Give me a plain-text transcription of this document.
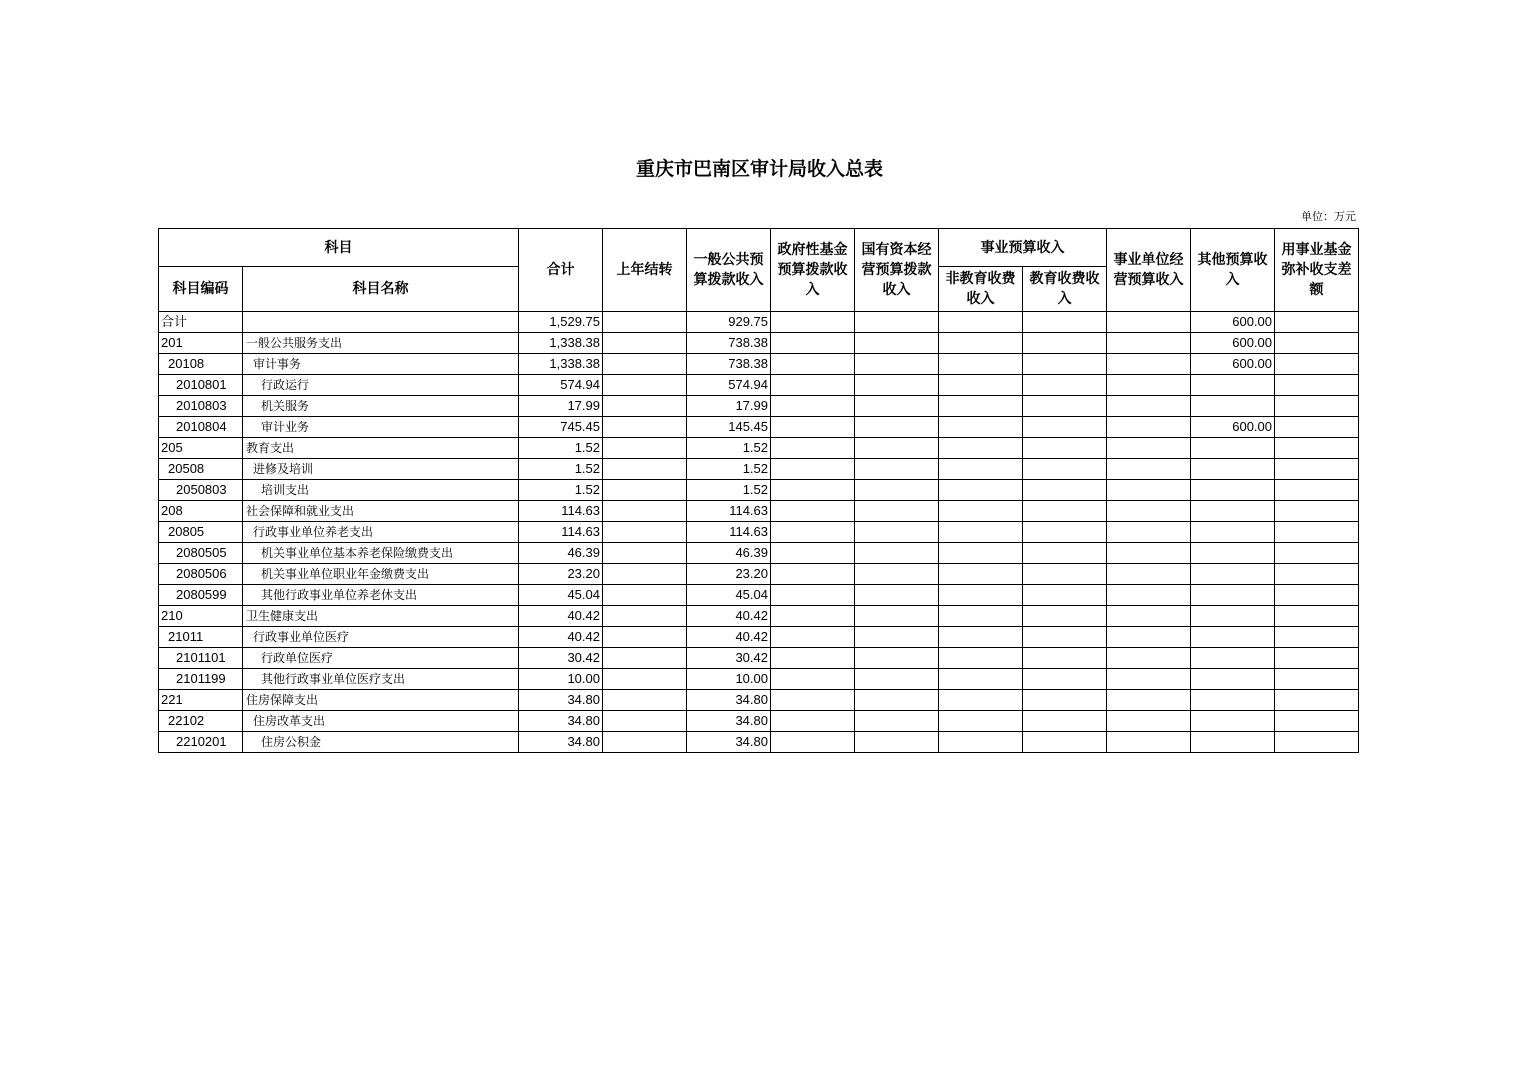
重庆市巴南区审计局收入总表
单位：万元
科目		合计	上年结转	一般公共预算拨款收入	政府性基金预算拨款收入	国有资本经营预算拨款收入	事业预算收入		事业单位经营预算收入	其他预算收入	用事业基金弥补收支差额
科目编码	科目名称						非教育收费收入	教育收费收入			
合计		1,529.75		929.75						600.00	
201	一般公共服务支出	1,338.38		738.38						600.00	
20108	审计事务	1,338.38		738.38						600.00	
2010801	行政运行	574.94		574.94							
2010803	机关服务	17.99		17.99							
2010804	审计业务	745.45		145.45						600.00	
205	教育支出	1.52		1.52							
20508	进修及培训	1.52		1.52							
2050803	培训支出	1.52		1.52							
208	社会保障和就业支出	114.63		114.63							
20805	行政事业单位养老支出	114.63		114.63							
2080505	机关事业单位基本养老保险缴费支出	46.39		46.39							
2080506	机关事业单位职业年金缴费支出	23.20		23.20							
2080599	其他行政事业单位养老休支出	45.04		45.04							
210	卫生健康支出	40.42		40.42							
21011	行政事业单位医疗	40.42		40.42							
2101101	行政单位医疗	30.42		30.42							
2101199	其他行政事业单位医疗支出	10.00		10.00							
221	住房保障支出	34.80		34.80							
22102	住房改革支出	34.80		34.80							
2210201	住房公积金	34.80		34.80							
